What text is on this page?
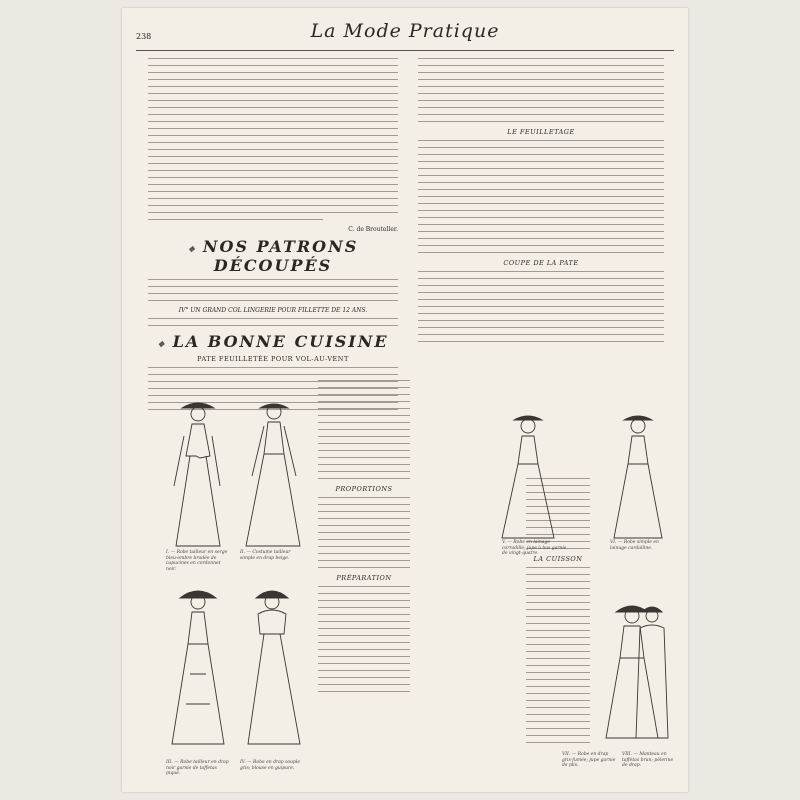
238	La Mode Pratique
C. de Brouteller.
❖ NOS PATRONS DÉCOUPÉS
IV° UN GRAND COL LINGERIE POUR FILLETTE DE 12 ANS.
❖ LA BONNE CUISINE
PATE FEUILLETÉE POUR VOL-AU-VENT
LE FEUILLETAGE
COUPE DE LA PATE
PROPORTIONS
PRÉPARATION
LA CUISSON
I. — Robe tailleur en serge bleu-ombre brodée de capucines en cordonnet noir.
II. — Costume tailleur simple en drap beige.
III. — Robe tailleur en drap noir garnie de taffetas piqué.
IV. — Robe en drap souple gris; blouse en guipure.
V. — Robe en lainage corradille; jupe à bas garnie de vingt-quatre.
VI. — Robe simple en lainage cardalline.
VII. — Robe en drap gris-fumée; jupe garnie de plis.
VIII. — Manteau en taffetas brun; pèlerine de drap.
